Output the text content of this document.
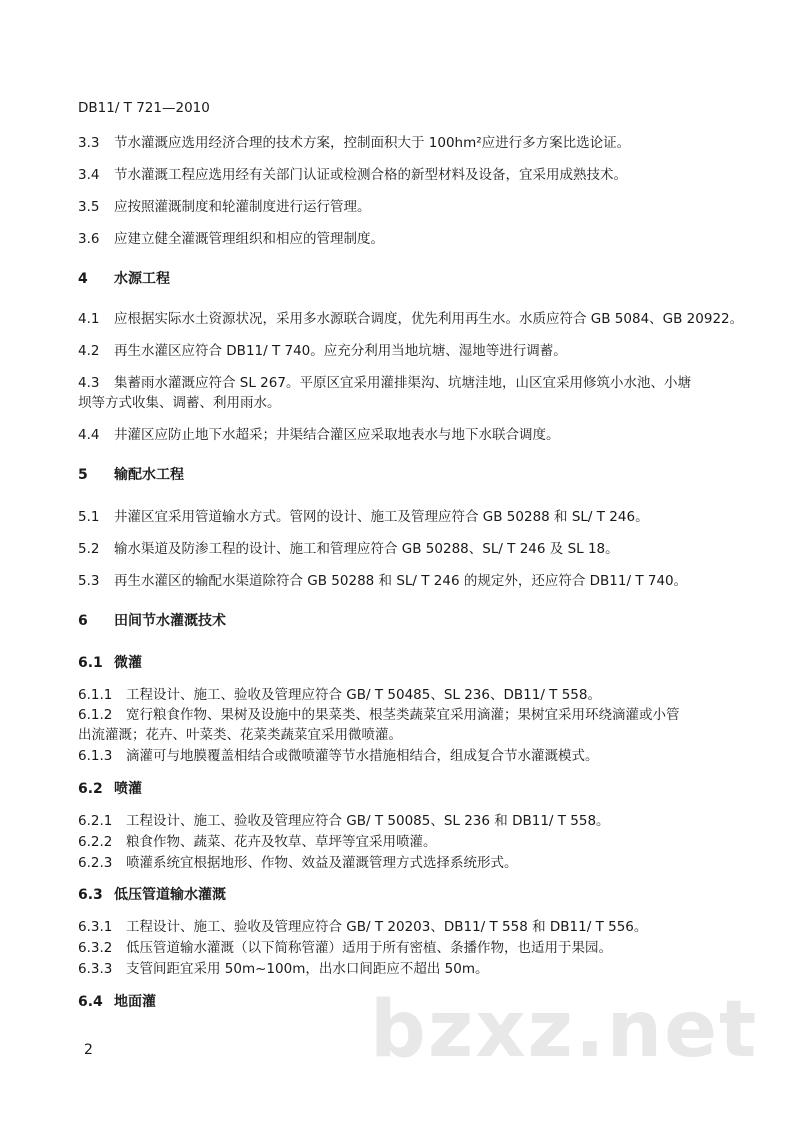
DB11/ T 721—2010
3.3 节水灌溉应选用经济合理的技术方案，控制面积大于 100hm²应进行多方案比选论证。
3.4 节水灌溉工程应选用经有关部门认证或检测合格的新型材料及设备，宜采用成熟技术。
3.5 应按照灌溉制度和轮灌制度进行运行管理。
3.6 应建立健全灌溉管理组织和相应的管理制度。
4 水源工程
4.1 应根据实际水土资源状况，采用多水源联合调度，优先利用再生水。水质应符合 GB 5084、GB 20922。
4.2 再生水灌区应符合 DB11/ T 740。应充分利用当地坑塘、湿地等进行调蓄。
4.3 集蓄雨水灌溉应符合 SL 267。平原区宜采用灌排渠沟、坑塘洼地，山区宜采用修筑小水池、小塘
坝等方式收集、调蓄、利用雨水。
4.4 井灌区应防止地下水超采；井渠结合灌区应采取地表水与地下水联合调度。
5 输配水工程
5.1 井灌区宜采用管道输水方式。管网的设计、施工及管理应符合 GB 50288 和 SL/ T 246。
5.2 输水渠道及防渗工程的设计、施工和管理应符合 GB 50288、SL/ T 246 及 SL 18。
5.3 再生水灌区的输配水渠道除符合 GB 50288 和 SL/ T 246 的规定外，还应符合 DB11/ T 740。
6 田间节水灌溉技术
6.1 微灌
6.1.1 工程设计、施工、验收及管理应符合 GB/ T 50485、SL 236、DB11/ T 558。
6.1.2 宽行粮食作物、果树及设施中的果菜类、根茎类蔬菜宜采用滴灌；果树宜采用环绕滴灌或小管
出流灌溉；花卉、叶菜类、花菜类蔬菜宜采用微喷灌。
6.1.3 滴灌可与地膜覆盖相结合或微喷灌等节水措施相结合，组成复合节水灌溉模式。
6.2 喷灌
6.2.1 工程设计、施工、验收及管理应符合 GB/ T 50085、SL 236 和 DB11/ T 558。
6.2.2 粮食作物、蔬菜、花卉及牧草、草坪等宜采用喷灌。
6.2.3 喷灌系统宜根据地形、作物、效益及灌溉管理方式选择系统形式。
6.3 低压管道输水灌溉
6.3.1 工程设计、施工、验收及管理应符合 GB/ T 20203、DB11/ T 558 和 DB11/ T 556。
6.3.2 低压管道输水灌溉（以下简称管灌）适用于所有密植、条播作物，也适用于果园。
6.3.3 支管间距宜采用 50m~100m，出水口间距应不超出 50m。
6.4 地面灌	bzxz.net
2
